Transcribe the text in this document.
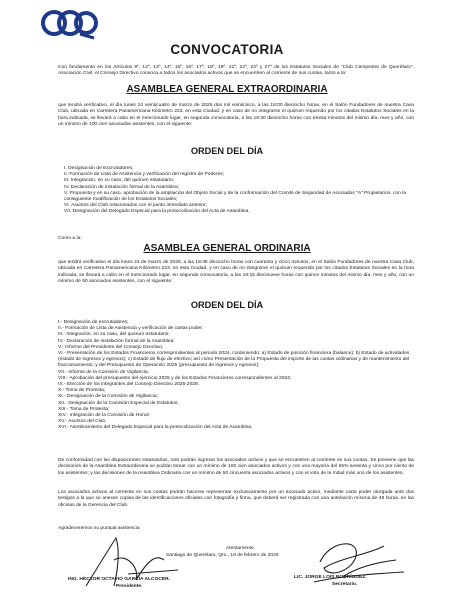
CONVOCATORIA

Con fundamento en los Artículos 9º, 12º, 13º, 14º, 15º, 16º, 17º, 18º, 19º, 21º, 22º, 23º y 27º de los Estatutos Sociales de "Club Campestre de Querétaro", Asociación Civil, el Consejo Directivo convoca a todos los asociados activos que se encuentren al corriente de sus cuotas, tanto a la:

ASAMBLEA GENERAL EXTRAORDINARIA

que tendrá verificativo, el día lunes 24 veinticuatro de marzo de 2025 dos mil veinticinco, a las 18:00 dieciocho horas, en el Salón Fundadores de nuestra Casa Club, ubicada en Carretera Panamericana Kilómetro 223, en esta Ciudad, y en caso de no integrarse el quórum requerido por los citados Estatutos Sociales en la hora indicada, se llevará a cabo en el mencionado lugar, en segunda convocatoria, a las 18:30 dieciocho horas con treinta minutos del mismo día, mes y año, con un mínimo de 100 cien asociados asistentes, con el siguiente:

ORDEN DEL DÍA

I. Designación de Escrutadores;
II. Formación de Lista de Asistencia y verificación del registro de Poderes;
III. Integración, en su caso, del quórum estatutario;
IV. Declaración de instalación formal de la Asamblea;
V. Propuesta y en su caso, aprobación de la ampliación del Objeto Social y de la conformación del Comité de Seguridad de Asociados "A" Propietarios, con la consiguiente modificación de los Estatutos Sociales;
VI. Asuntos del Club relacionados con el punto inmediato anterior;
VII. Designación del Delegado Especial para la protocolización del Acta de Asamblea.

Como a la:

ASAMBLEA GENERAL ORDINARIA

que tendrá verificativo el día lunes 24 de marzo de 2025, a las 18:45 dieciocho horas con cuarenta y cinco minutos, en el Salón Fundadores de nuestra Casa Club, ubicada en Carretera Panamericana Kilómetro 223, en esta Ciudad, y en caso de no integrarse el quórum requerido por los citados Estatutos Sociales en la hora indicada, se llevará a cabo en el mencionado lugar, en segunda convocatoria, a las 19:15 diecinueve horas con quince minutos del mismo día, mes y año, con un mínimo de 50 asociados asistentes, con el siguiente:

ORDEN DEL DÍA

I.- Designación de escrutadores;
II.- Formación de Lista de Asistencia y verificación de cartas poder;
III.- Integración, en su caso, del quórum estatutario;
IV.- Declaración de instalación formal de la Asamblea;
V.- Informe del Presidente del Consejo Directivo;
VI.- Presentación de los Estados Financieros correspondientes al periodo 2024, conteniendo: a) Estado de posición financiera (balance); b) Estado de actividades (estado de ingresos y egresos); c) Estado de flujo de efectivo; así como Presentación de la Propuesta del importe de las cuotas ordinarias y de mantenimiento del fraccionamiento; y del Presupuesto de Operación 2025 (presupuesto de ingresos y egresos);
VII.- Informe de la Comisión de Vigilancia;
VIII.- Aprobación del presupuesto del ejercicio 2025 y de los Estados Financieros correspondientes al 2024;
IX.- Elección de los integrantes del Consejo Directivo 2025-2028;
X.- Toma de Protesta;
XI.- Designación de la Comisión de Vigilancia;
XII.- Designación de la Comisión Especial de Estatutos;
XIII.- Toma de Protesta;
XIV.- Integración de la Comisión de Honor;
XV.- Asuntos del Club.
XVI.- Nombramiento del Delegado Especial para la protocolización del Acta de Asamblea.

De conformidad con las disposiciones estatutarias, solo podrán ingresar los asociados activos y que se encuentren al corriente en sus cuotas. Se previene que las decisiones de la Asamblea Extraordinaria se podrán tomar con un mínimo de 100 cien asociados activos y con una mayoría del 65% sesenta y cinco por ciento de los asistentes; y las decisiones de la Asamblea Ordinaria con un mínimo de 50 cincuenta asociados activos y con el voto de la mitad más uno de los asistentes.

Los asociados activos al corriente en sus cuotas podrán hacerse representar exclusivamente por un asociado activo, mediante carta poder otorgada ante dos testigos a la que se anexen copias de las identificaciones oficiales con fotografía y firma, que deberá ser registrada con una antelación mínima de 48 horas, en las oficinas de la Gerencia del Club.

Agradeceremos su puntual asistencia

Atentamente.

Santiago de Querétaro, Qro., 19 de febrero de 2025

ING. HÉCTOR OCTAVIO GARCÍA ALCOCER.

Presidente.

LIC. JORGE LOIS RODRÍGUEZ.

Secretario.
